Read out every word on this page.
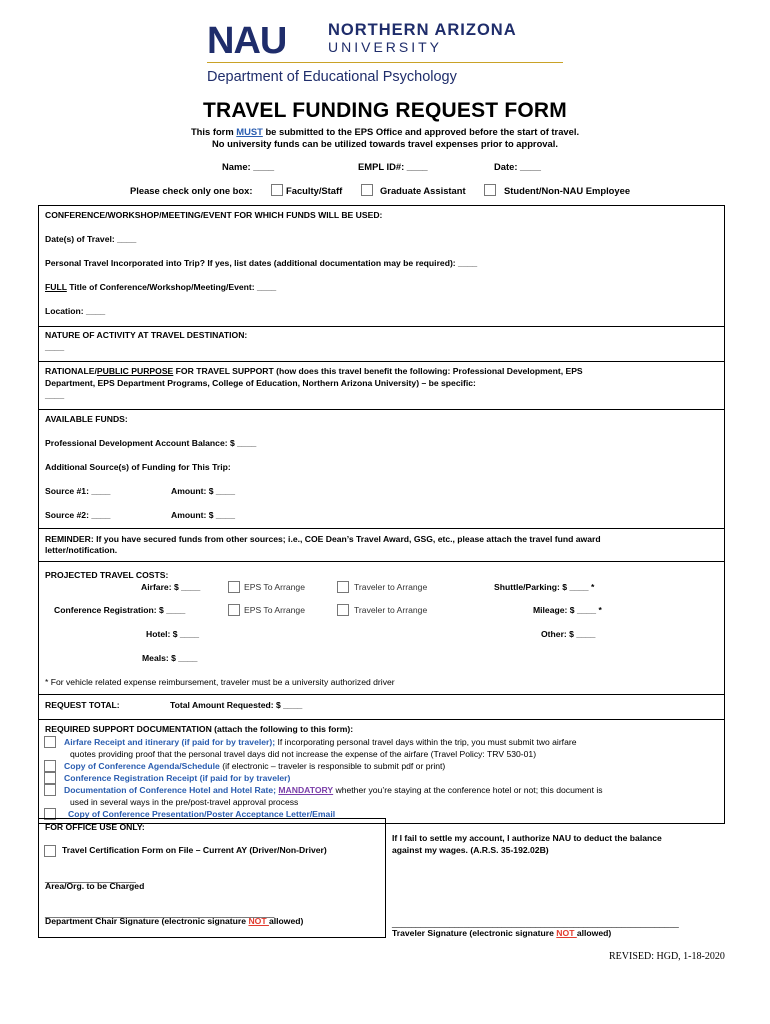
NAU	NORTHERN ARIZONA
UNIVERSITY
Department of Educational Psychology
TRAVEL FUNDING REQUEST FORM
This form MUST be submitted to the EPS Office and approved before the start of travel.
No university funds can be utilized towards travel expenses prior to approval.
Name: ____	EMPL ID#: ____	Date: ____
Please check only one box:	Faculty/Staff	Graduate Assistant	Student/Non-NAU Employee
CONFERENCE/WORKSHOP/MEETING/EVENT FOR WHICH FUNDS WILL BE USED:
Date(s) of Travel: ____
Personal Travel Incorporated into Trip? If yes, list dates (additional documentation may be required): ____
FULL Title of Conference/Workshop/Meeting/Event: ____
Location: ____
NATURE OF ACTIVITY AT TRAVEL DESTINATION:
____
RATIONALE/PUBLIC PURPOSE FOR TRAVEL SUPPORT (how does this travel benefit the following: Professional Development, EPS
Department, EPS Department Programs, College of Education, Northern Arizona University) – be specific:
____
AVAILABLE FUNDS:
Professional Development Account Balance: $ ____
Additional Source(s) of Funding for This Trip:
Source #1: ____	Amount: $ ____
Source #2: ____	Amount: $ ____
REMINDER: If you have secured funds from other sources; i.e., COE Dean’s Travel Award, GSG, etc., please attach the travel fund award
letter/notification.
PROJECTED TRAVEL COSTS:
Airfare: $ ____	EPS To Arrange	Traveler to Arrange	Shuttle/Parking: $ ____ *
Conference Registration: $ ____	EPS To Arrange	Traveler to Arrange	Mileage: $ ____ *
Hotel: $ ____	Other: $ ____
Meals: $ ____
* For vehicle related expense reimbursement, traveler must be a university authorized driver
REQUEST TOTAL:	Total Amount Requested: $ ____
REQUIRED SUPPORT DOCUMENTATION (attach the following to this form):
Airfare Receipt and itinerary (if paid for by traveler); If incorporating personal travel days within the trip, you must submit two airfare
quotes providing proof that the personal travel days did not increase the expense of the airfare (Travel Policy: TRV 530-01)
Copy of Conference Agenda/Schedule (if electronic – traveler is responsible to submit pdf or print)
Conference Registration Receipt (if paid for by traveler)
Documentation of Conference Hotel and Hotel Rate; MANDATORY whether you’re staying at the conference hotel or not; this document is
used in several ways in the pre/post-travel approval process
Copy of Conference Presentation/Poster Acceptance Letter/Email
FOR OFFICE USE ONLY:
Travel Certification Form on File – Current AY (Driver/Non-Driver)
___________________
Area/Org. to be Charged
________________________________________________
Department Chair Signature (electronic signature NOT allowed)
If I fail to settle my account, I authorize NAU to deduct the balance
against my wages. (A.R.S. 35-192.02B)
____________________________________________________________
Traveler Signature (electronic signature NOT allowed)
REVISED: HGD, 1-18-2020
